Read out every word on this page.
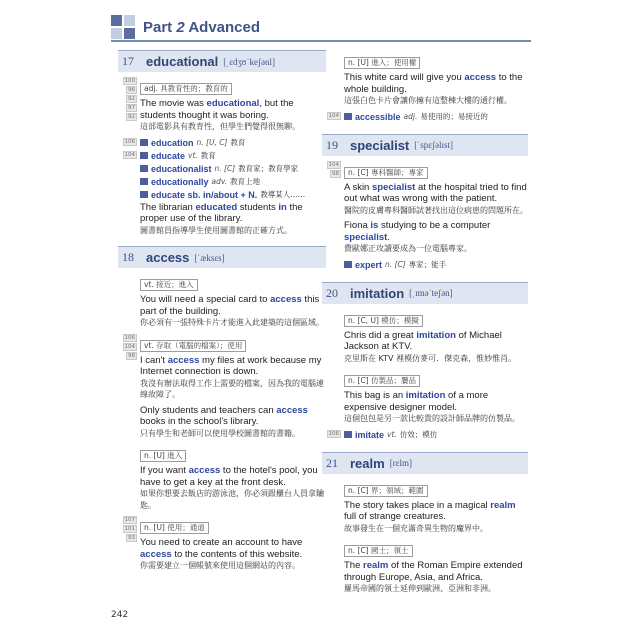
Part 2 Advanced
17 educational [ˌɛdʒʊˈkeʃənl]
100
96
92
97
92
adj. 具教育性的；教育的
The movie was educational, but the students thought it was boring.
這部電影具有教育性，但學生們覺得很無聊。
106 education n. [U, C] 教育
104 educate vt. 教育
educationalist n. [C] 教育家；教育學家
educationally adv. 教育上地
educate sb. in/about + N. 教導某人……
The librarian educated students in the proper use of the library.
圖書館員指導學生使用圖書館的正確方式。
18 access [ˈæksɛs]
vt. 接近；進入
You will need a special card to access this part of the building.
你必須有一張特殊卡片才能進入此建築的這個區域。
106
104
98
vt. 存取（電腦的檔案）；使用
I can't access my files at work because my Internet connection is down.
我沒有辦法取得工作上需要的檔案，因為我的電腦連線故障了。
Only students and teachers can access books in the school's library.
只有學生和老師可以使用學校圖書館的書籍。
n. [U] 進入
If you want access to the hotel's pool, you have to get a key at the front desk.
如果你想要去飯店的游泳池，你必須跟櫃台人員拿鑰匙。
107
101
93
n. [U] 使用；通道
You need to create an account to have access to the contents of this website.
你需要建立一個帳號來使用這個網站的內容。
n. [U] 進入；使用權
This white card will give you access to the whole building.
這張白色卡片會讓你擁有這整棟大樓的通行權。
104 accessible adj. 易使用的；易接近的
19 specialist [ˈspɛʃəlɪst]
104
98	n. [C] 專科醫師；專家
A skin specialist at the hospital tried to find out what was wrong with the patient.
醫院的皮膚專科醫師試著找出這位病患的問題所在。
Fiona is studying to be a computer specialist.
費歐娜正攻讀要成為一位電腦專家。
expert n. [C] 專家；能手
20 imitation [ˌɪməˈteʃən]
n. [C, U] 模仿；模擬
Chris did a great imitation of Michael Jackson at KTV.
克里斯在 KTV 裡模仿麥可．傑克森，惟妙惟肖。
n. [C] 仿製品；贗品
This bag is an imitation of a more expensive designer model.
這個包包是另一款比較貴的設計師品牌的仿製品。
106 imitate vt. 仿效；模仿
21 realm [rɛlm]
n. [C] 界；領域；範圍
The story takes place in a magical realm full of strange creatures.
故事發生在一個充滿奇異生物的魔界中。
n. [C] 國土；領土
The realm of the Roman Empire extended through Europe, Asia, and Africa.
羅馬帝國的領土延伸到歐洲、亞洲和非洲。
242
